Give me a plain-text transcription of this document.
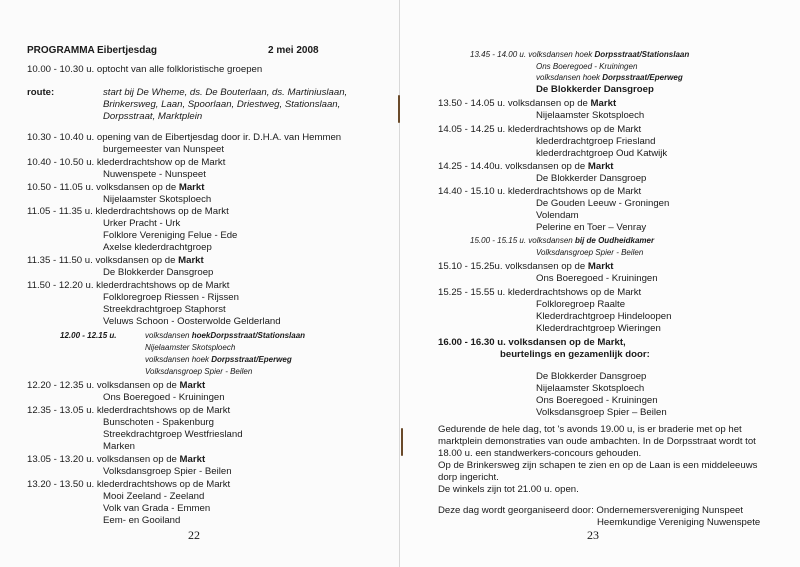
PROGRAMMA Eibertjesdag	2 mei 2008
10.00 - 10.30 u. optocht van alle folkloristische groepen
route:	start bij De Wheme, ds. De Bouterlaan, ds. Martiniuslaan,
Brinkersweg, Laan, Spoorlaan, Driestweg, Stationslaan,
Dorpsstraat, Marktplein
10.30 - 10.40 u. opening van de Eibertjesdag door ir. D.H.A. van Hemmen
burgemeester van Nunspeet
10.40 - 10.50 u. klederdrachtshow op de Markt
Nuwenspete - Nunspeet
10.50 - 11.05 u. volksdansen op de Markt
Nijelaamster Skotsploech
11.05 - 11.35 u. klederdrachtshows op de Markt
Urker Pracht - Urk
Folklore Vereniging Felue - Ede
Axelse klederdrachtgroep
11.35 - 11.50 u. volksdansen op de Markt
De Blokkerder Dansgroep
11.50 - 12.20 u. klederdrachtshows op de Markt
Folkloregroep Riessen - Rijssen
Streekdrachtgroep Staphorst
Veluws Schoon - Oosterwolde Gelderland
12.00 - 12.15 u.	volksdansen hoekDorpsstraat/Stationslaan
Nijelaamster Skotsploech
volksdansen hoek Dorpsstraat/Eperweg
Volksdansgroep Spier - Beilen
12.20 - 12.35 u. volksdansen op de Markt
Ons Boeregoed - Kruiningen
12.35 - 13.05 u. klederdrachtshows op de Markt
Bunschoten - Spakenburg
Streekdrachtgroep Westfriesland
Marken
13.05 - 13.20 u. volksdansen op de Markt
Volksdansgroep Spier - Beilen
13.20 - 13.50 u. klederdrachtshows op de Markt
Mooi Zeeland - Zeeland
Volk van Grada - Emmen
Eem- en Gooiland
22
13.45 - 14.00 u. volksdansen hoek Dorpsstraat/Stationslaan
Ons Boeregoed - Kruiningen
volksdansen hoek Dorpsstraat/Eperweg
De Blokkerder Dansgroep
13.50 - 14.05 u. volksdansen op de Markt
Nijelaamster Skotsploech
14.05 - 14.25 u. klederdrachtshows op de Markt
klederdrachtgroep Friesland
klederdrachtgroep Oud Katwijk
14.25 - 14.40u. volksdansen op de Markt
De Blokkerder Dansgroep
14.40 - 15.10 u. klederdrachtshows op de Markt
De Gouden Leeuw - Groningen
Volendam
Pelerine en Toer – Venray
15.00 - 15.15 u. volksdansen bij de Oudheidkamer
Volksdansgroep Spier - Beilen
15.10 - 15.25u. volksdansen op de Markt
Ons Boeregoed - Kruiningen
15.25 - 15.55 u. klederdrachtshows op de Markt
Folkloregroep Raalte
Klederdrachtgroep Hindeloopen
Klederdrachtgroep Wieringen
16.00 - 16.30 u. volksdansen op de Markt,
beurtelings en gezamenlijk door:
De Blokkerder Dansgroep
Nijelaamster Skotsploech
Ons Boeregoed - Kruiningen
Volksdansgroep Spier – Beilen
Gedurende de hele dag, tot 's avonds 19.00 u, is er braderie met op het
marktplein demonstraties van oude ambachten. In de Dorpsstraat wordt tot
18.00 u. een standwerkers-concours gehouden.
Op de Brinkersweg zijn schapen te zien en op de Laan is een middeleeuws
dorp ingericht.
De winkels zijn tot 21.00 u. open.
Deze dag wordt georganiseerd door: Ondernemersvereniging Nunspeet
Heemkundige Vereniging Nuwenspete
23
